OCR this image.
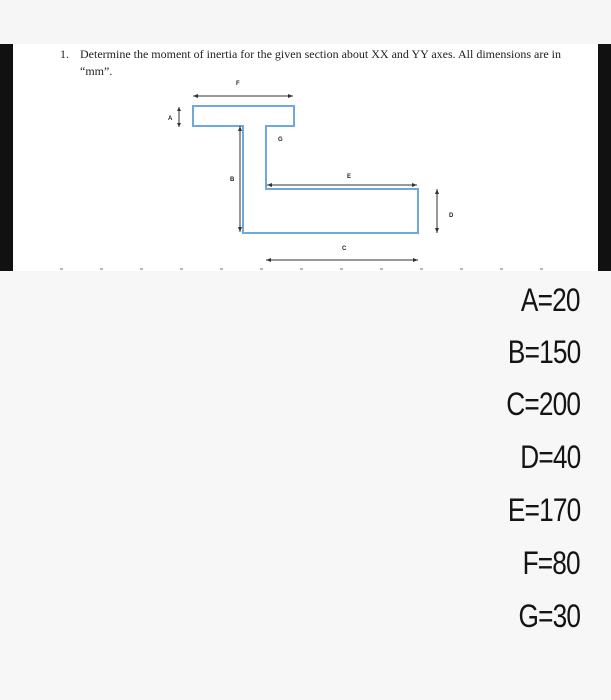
1. Determine the moment of inertia for the given section about XX and YY axes. All dimensions are in “mm”.
F
A
B
G
E
D
C
A=20
B=150
C=200
D=40
E=170
F=80
G=30
